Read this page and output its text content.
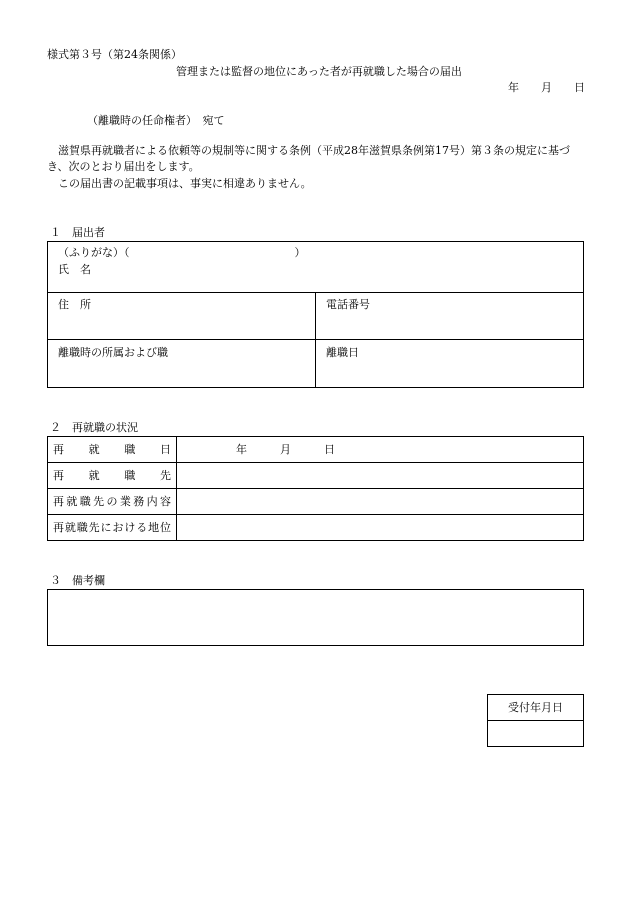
様式第３号（第24条関係）
管理または監督の地位にあった者が再就職した場合の届出
年　　月　　日
（離職時の任命権者）　宛て
　滋賀県再就職者による依頼等の規制等に関する条例（平成28年滋賀県条例第17号）第３条の規定に基づき、次のとおり届出をします。
　この届出書の記載事項は、事実に相違ありません。
１　届出者
（ふりがな）（　　　　　　　　　　　　　　　）
氏　名
住　所	電話番号
離職時の所属および職	離職日
２　再就職の状況
再　就　職　日	年　　　月　　　日
再　就　職　先
再就職先の業務内容
再就職先における地位
３　備考欄
受付年月日
